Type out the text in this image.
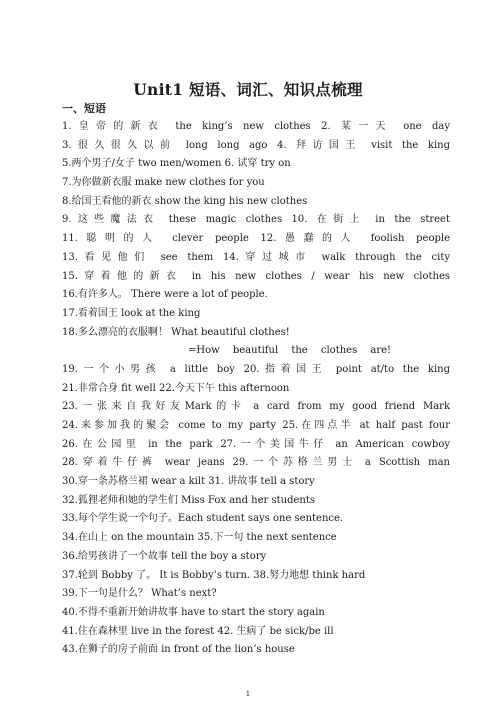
Unit1 短语、词汇、知识点梳理
一、短语
1.皇帝的新衣 the king’s new clothes 2. 某一天 one day
3.很久很久以前 long long ago 4. 拜访国王 visit the king
5.两个男子/女子 two men/women 6. 试穿 try on
7.为你做新衣服 make new clothes for you
8.给国王看他的新衣 show the king his new clothes
9.这些魔法衣 these magic clothes 10. 在街上 in the street
11.聪明的人 clever people 12.愚蠢的人 foolish people
13.看见他们 see them 14.穿过城市 walk through the city
15.穿着他的新衣 in his new clothes / wear his new clothes
16.有许多人。 There were a lot of people.
17.看着国王 look at the king
18.多么漂亮的衣服啊！ What beautiful clothes!
=How beautiful the clothes are!
19.一个小男孩 a little boy 20.指着国王 point at/to the king
21.非常合身 fit well 22.今天下午 this afternoon
23.一张来自我好友Mark的卡 a card from my good friend Mark
24.来参加我的聚会 come to my party 25.在四点半 at half past four
26.在公园里 in the park 27.一个美国牛仔 an American cowboy
28.穿着牛仔裤 wear jeans 29.一个苏格兰男士 a Scottish man
30.穿一条苏格兰裙 wear a kilt 31. 讲故事 tell a story
32.狐狸老师和她的学生们 Miss Fox and her students
33.每个学生说一个句子。Each student says one sentence.
34.在山上 on the mountain 35.下一句 the next sentence
36.给男孩讲了一个故事 tell the boy a story
37.轮到 Bobby 了。 It is Bobby’s turn. 38.努力地想 think hard
39.下一句是什么？ What’s next?
40.不得不重新开始讲故事 have to start the story again
41.住在森林里 live in the forest 42. 生病了 be sick/be ill
43.在狮子的房子前面 in front of the lion’s house
1
